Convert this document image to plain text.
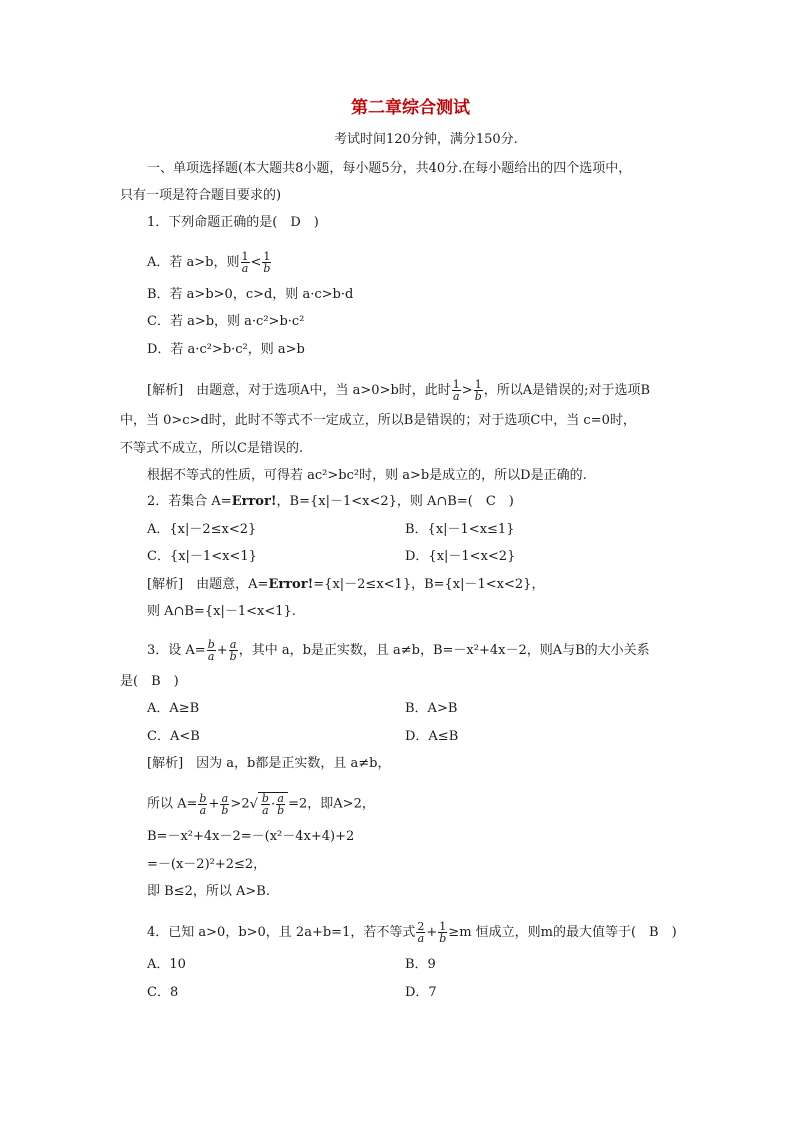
第二章综合测试
考试时间120分钟，满分150分.
一、单项选择题(本大题共8小题，每小题5分，共40分.在每小题给出的四个选项中，
只有一项是符合题目要求的)
1．下列命题正确的是(　D　)
A．若 a>b，则 $\frac{1}{a} < \frac{1}{b}$
B．若 a>b>0，c>d，则 a·c>b·d
C．若 a>b，则 a·c²>b·c²
D．若 a·c²>b·c²，则 a>b
[解析]　由题意，对于选项A中，当 a>0>b时，此时 $\frac{1}{a} > \frac{1}{b}$ ，所以A是错误的;对于选项B
中，当 0>c>d时，此时不等式不一定成立，所以B是错误的；对于选项C中，当 c=0时，
不等式不成立，所以C是错误的.
根据不等式的性质，可得若 ac²>bc²时，则 a>b是成立的，所以D是正确的.
2．若集合 A=Error!，B={x|－1<x<2}，则 A∩B=(　C　)
A．{x|－2≤x<2}	B．{x|－1<x≤1}
C．{x|－1<x<1}	D．{x|－1<x<2}
[解析]　由题意，A=Error!={x|－2≤x<1}，B={x|－1<x<2}，
则 A∩B={x|－1<x<1}.
3．设 $A= \frac{b}{a} + \frac{a}{b}$ ，其中 a，b是正实数，且 a≠b，B=－x²+4x－2，则A与B的大小关系
是(　B　)
A．A≥B	B．A>B
C．A<B	D．A≤B
[解析]　因为 a，b都是正实数，且 a≠b，
所以 $A= \frac{b}{a} + \frac{a}{b} >2√ \frac{b}{a} \cdot \frac{a}{b} =2$，即A>2，
B=－x²+4x－2=－(x²－4x+4)+2
=－(x－2)²+2≤2，
即 B≤2，所以 A>B.
4．已知 a>0，b>0，且 2a+b=1，若不等式 $\frac{2}{a} + \frac{1}{b} \ge m$ 恒成立，则m的最大值等于(　B　)
A．10	B．9
C．8	D．7
